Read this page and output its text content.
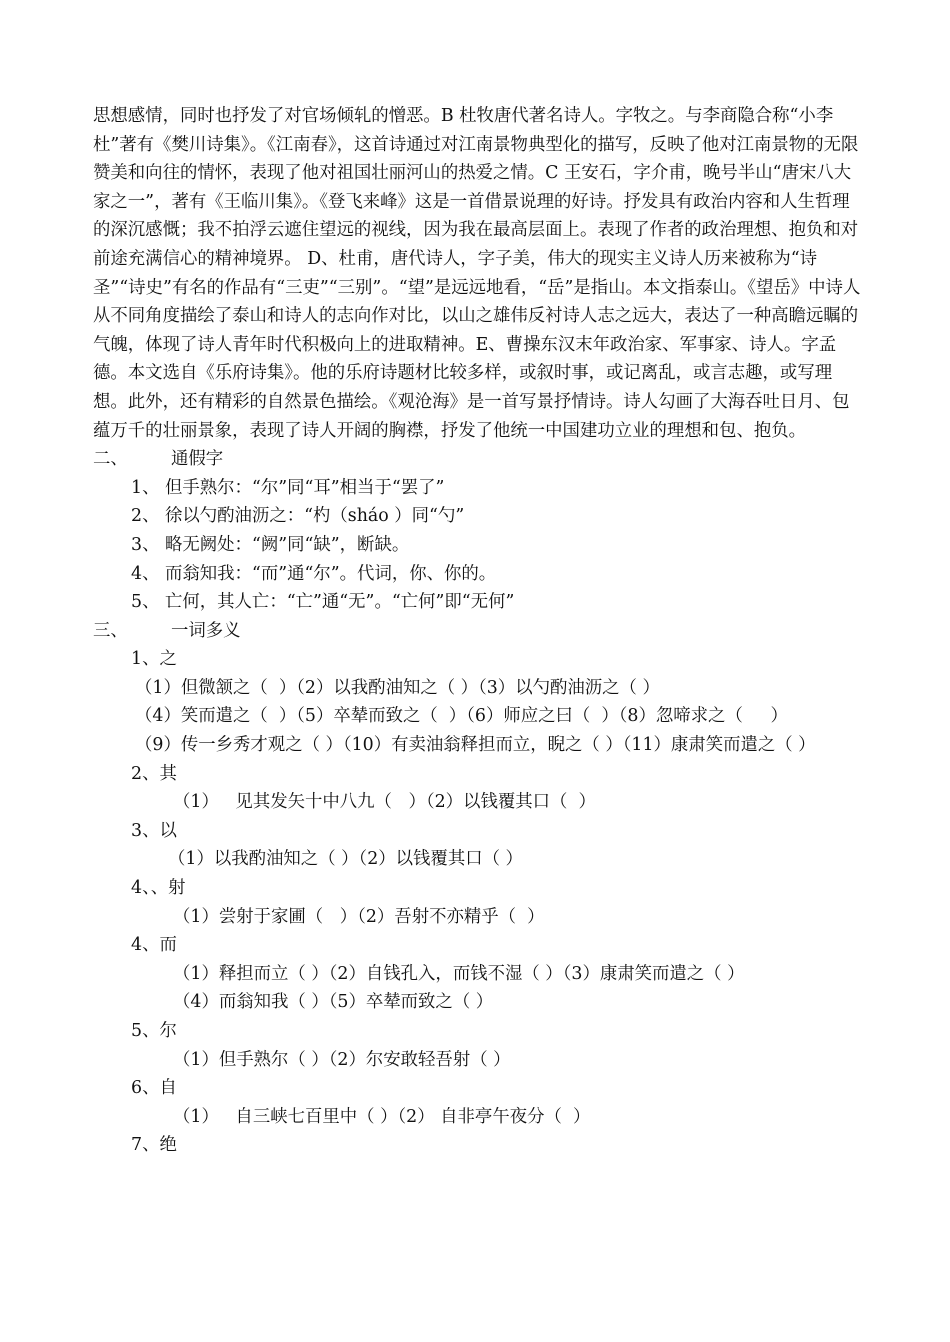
思想感情，同时也抒发了对官场倾轧的憎恶。B 杜牧唐代著名诗人。字牧之。与李商隐合称“小李杜”著有《樊川诗集》。《江南春》，这首诗通过对江南景物典型化的描写，反映了他对江南景物的无限赞美和向往的情怀，表现了他对祖国壮丽河山的热爱之情。C 王安石，字介甫，晚号半山“唐宋八大家之一”，著有《王临川集》。《登飞来峰》这是一首借景说理的好诗。抒发具有政治内容和人生哲理的深沉感慨；我不拍浮云遮住望远的视线，因为我在最高层面上。表现了作者的政治理想、抱负和对前途充满信心的精神境界。 D、杜甫，唐代诗人，字子美，伟大的现实主义诗人历来被称为“诗圣”“诗史”有名的作品有“三吏”“三别”。“望”是远远地看，“岳”是指山。本文指泰山。《望岳》中诗人从不同角度描绘了泰山和诗人的志向作对比，以山之雄伟反衬诗人志之远大，表达了一种高瞻远瞩的气魄，体现了诗人青年时代积极向上的进取精神。E、曹操东汉末年政治家、军事家、诗人。字孟德。本文选自《乐府诗集》。他的乐府诗题材比较多样，或叙时事，或记离乱，或言志趣，或写理想。此外，还有精彩的自然景色描绘。《观沧海》是一首写景抒情诗。诗人勾画了大海吞吐日月、包蕴万千的壮丽景象，表现了诗人开阔的胸襟，抒发了他统一中国建功立业的理想和包、抱负。

二、 通假字
1、 但手熟尔：“尔”同“耳”相当于“罢了”
2、 徐以勺酌油沥之：“杓（sháo ）同“勺”
3、 略无阙处：“阙”同“缺”，断缺。
4、 而翁知我：“而”通“尔”。代词，你、你的。
5、 亡何，其人亡：“亡”通“无”。“亡何”即“无何”
三、 一词多义
1、之
（1）但微颔之（  ）（2）以我酌油知之（ ）（3）以勺酌油沥之（ ）
（4）笑而遣之（  ）（5）卒辇而致之（  ）（6）师应之曰（  ）（8）忽啼求之（     ）

（9）传一乡秀才观之（ ）（10）有卖油翁释担而立，睨之（ ）（11）康肃笑而遣之（ ）

2、其
（1）   见其发矢十中八九（   ）（2）以钱覆其口（  ）
3、以
（1）以我酌油知之（ ）（2）以钱覆其口（ ）
4、、射
（1）尝射于家圃（   ）（2）吾射不亦精乎（  ）
4、而
（1）释担而立（ ）（2）自钱孔入，而钱不湿（ ）（3）康肃笑而遣之（ ）
（4）而翁知我（ ）（5）卒辇而致之（ ）
5、尔
（1）但手熟尔（ ）（2）尔安敢轻吾射（ ）
6、自
（1）   自三峡七百里中（ ）（2） 自非亭午夜分（  ）
7、绝
